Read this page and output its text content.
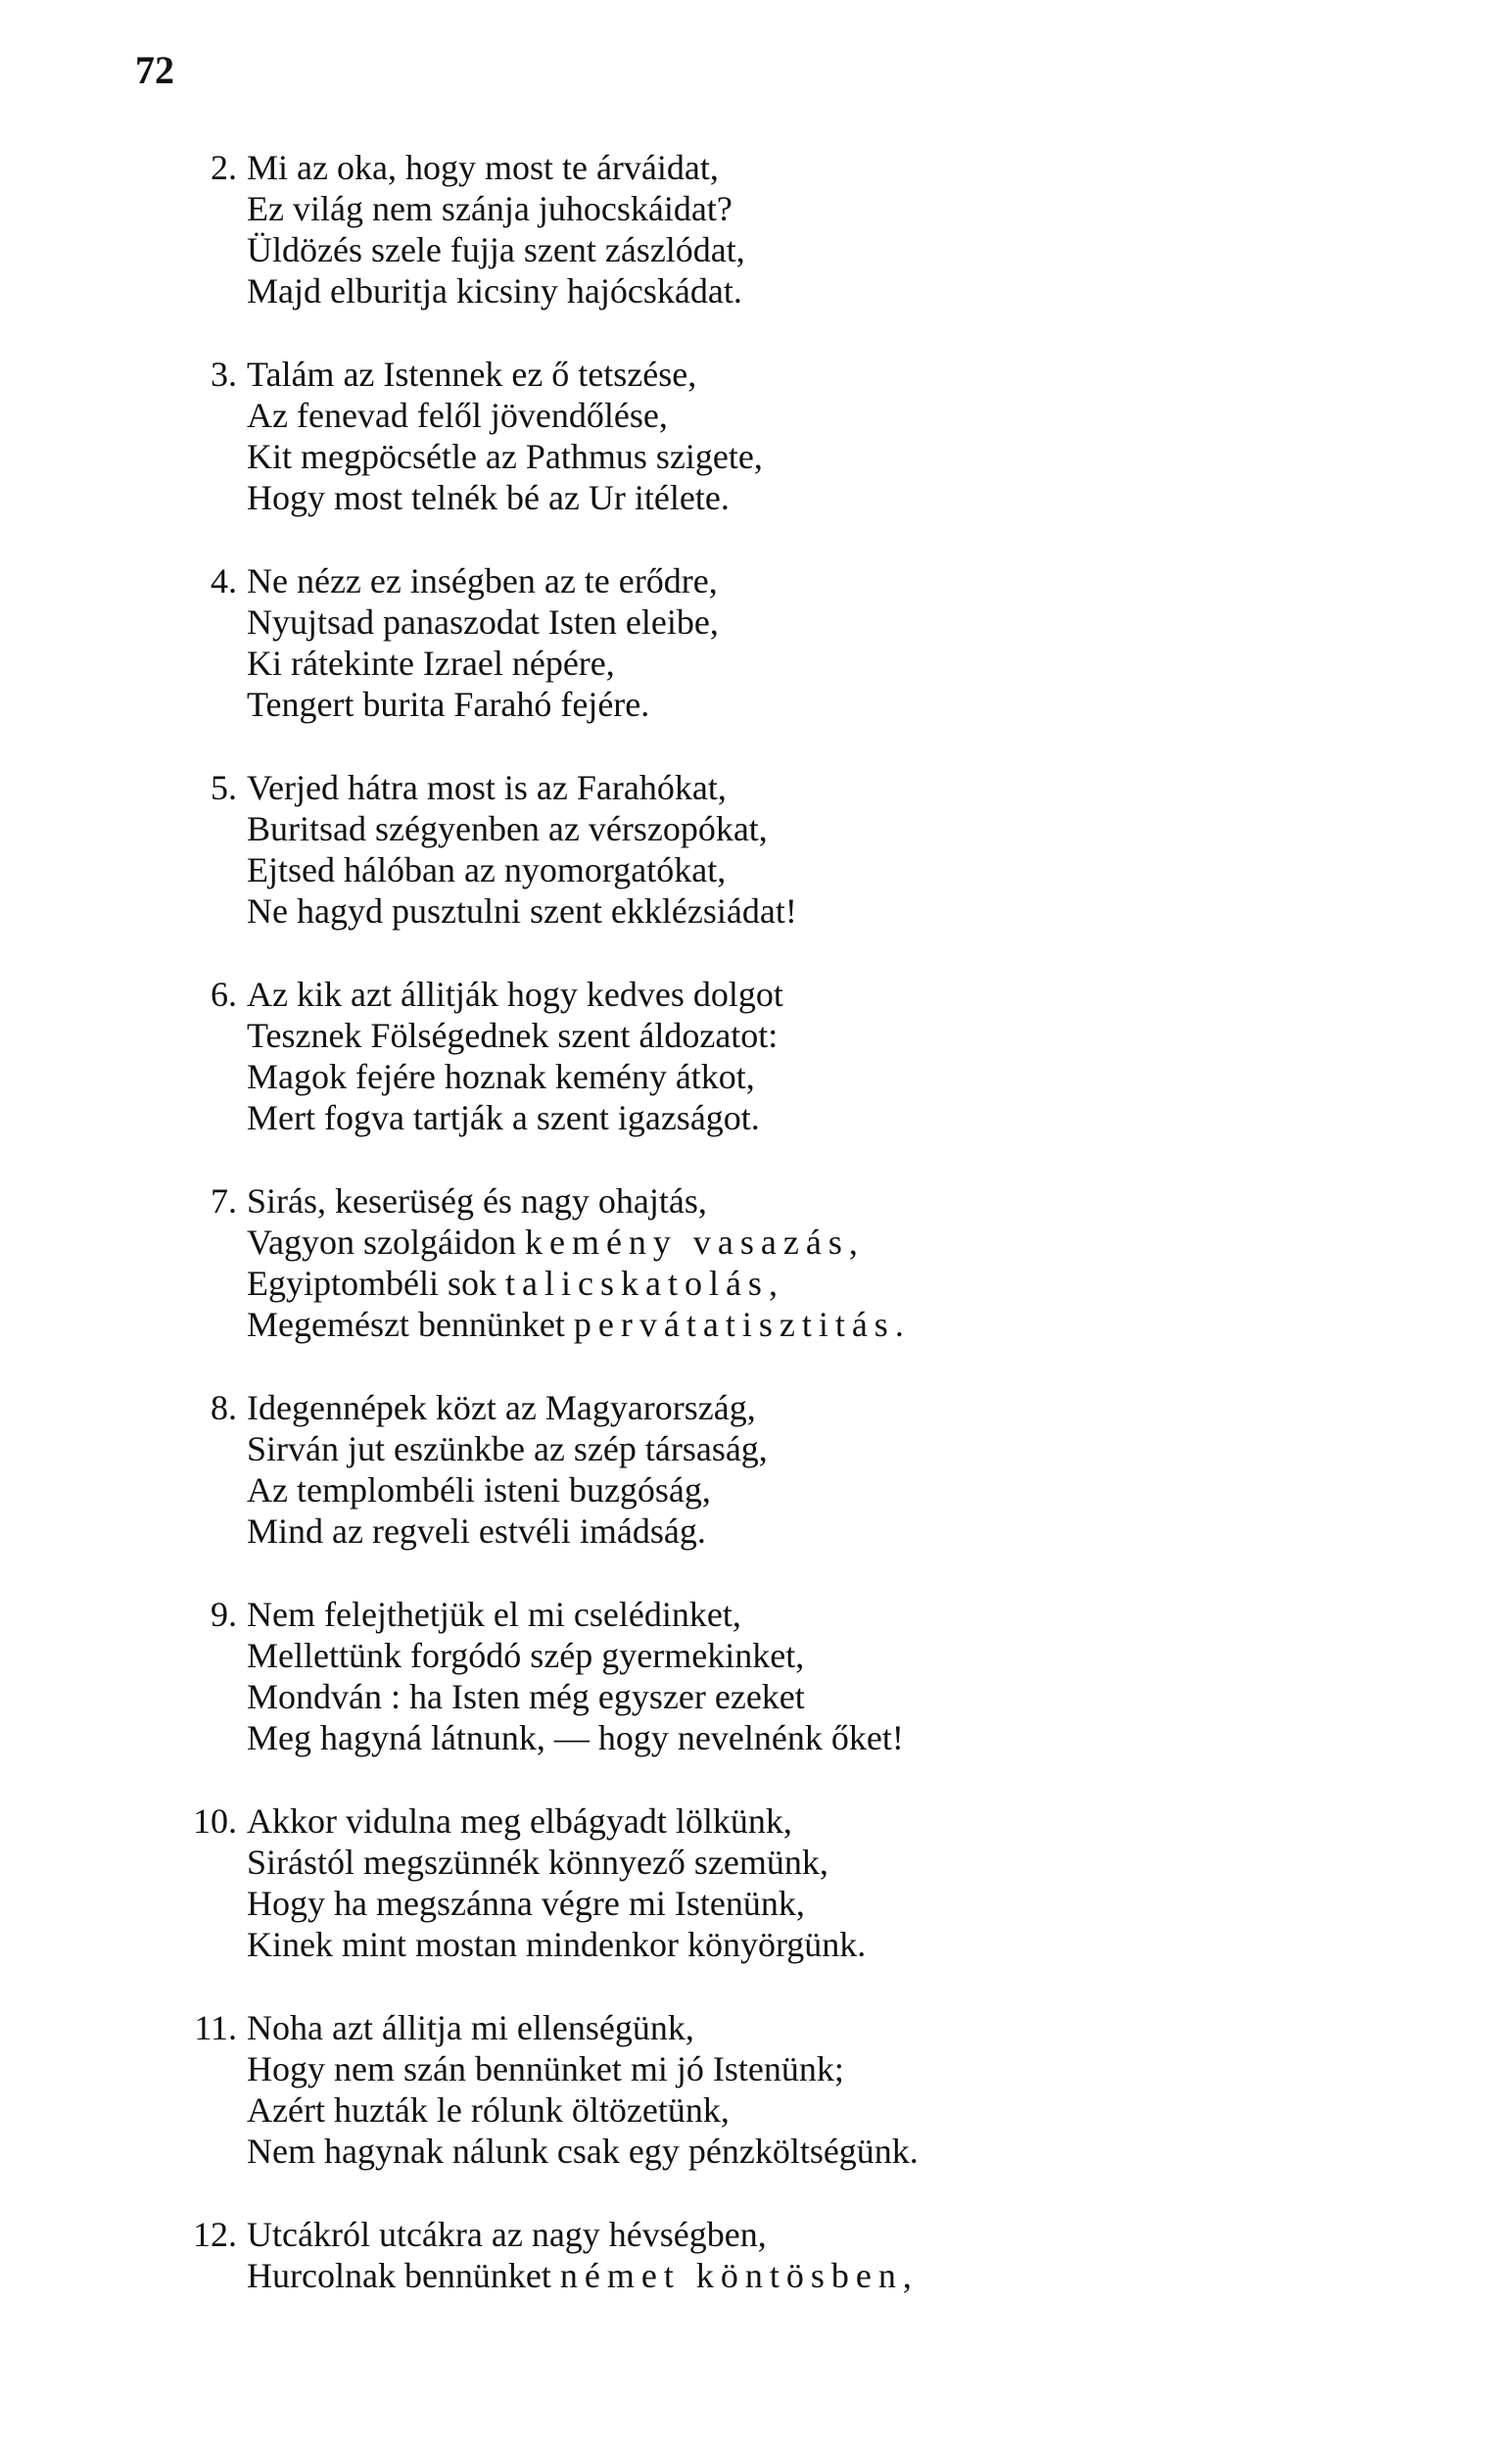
72
2. Mi az oka, hogy most te árváidat,
Ez világ nem szánja juhocskáidat?
Üldözés szele fujja szent zászlódat,
Majd elburitja kicsiny hajócskádat.
3. Talám az Istennek ez ő tetszése,
Az fenevad felől jövendőlése,
Kit megpöcsétle az Pathmus szigete,
Hogy most telnék bé az Ur itélete.
4. Ne nézz ez inségben az te erődre,
Nyujtsad panaszodat Isten eleibe,
Ki rátekinte Izrael népére,
Tengert burita Farahó fejére.
5. Verjed hátra most is az Farahókat,
Buritsad szégyenben az vérszopókat,
Ejtsed hálóban az nyomorgatókat,
Ne hagyd pusztulni szent ekklézsiádat!
6. Az kik azt állitják hogy kedves dolgot
Tesznek Fölségednek szent áldozatot:
Magok fejére hoznak kemény átkot,
Mert fogva tartják a szent igazságot.
7. Sirás, keserüség és nagy ohajtás,
Vagyon szolgáidon kemény vasazás,
Egyiptombéli sok talicskatolás,
Megemészt bennünket pervátatisztitás.
8. Idegennépek közt az Magyarország,
Sirván jut eszünkbe az szép társaság,
Az templombéli isteni buzgóság,
Mind az regveli estvéli imádság.
9. Nem felejthetjük el mi cselédinket,
Mellettünk forgódó szép gyermekinket,
Mondván : ha Isten még egyszer ezeket
Meg hagyná látnunk, — hogy nevelnénk őket!
10. Akkor vidulna meg elbágyadt lölkünk,
Sirástól megszünnék könnyező szemünk,
Hogy ha megszánna végre mi Istenünk,
Kinek mint mostan mindenkor könyörgünk.
11. Noha azt állitja mi ellenségünk,
Hogy nem szán bennünket mi jó Istenünk;
Azért huzták le rólunk öltözetünk,
Nem hagynak nálunk csak egy pénzköltségünk.
12. Utcákról utcákra az nagy hévségben,
Hurcolnak bennünket német köntösben,
